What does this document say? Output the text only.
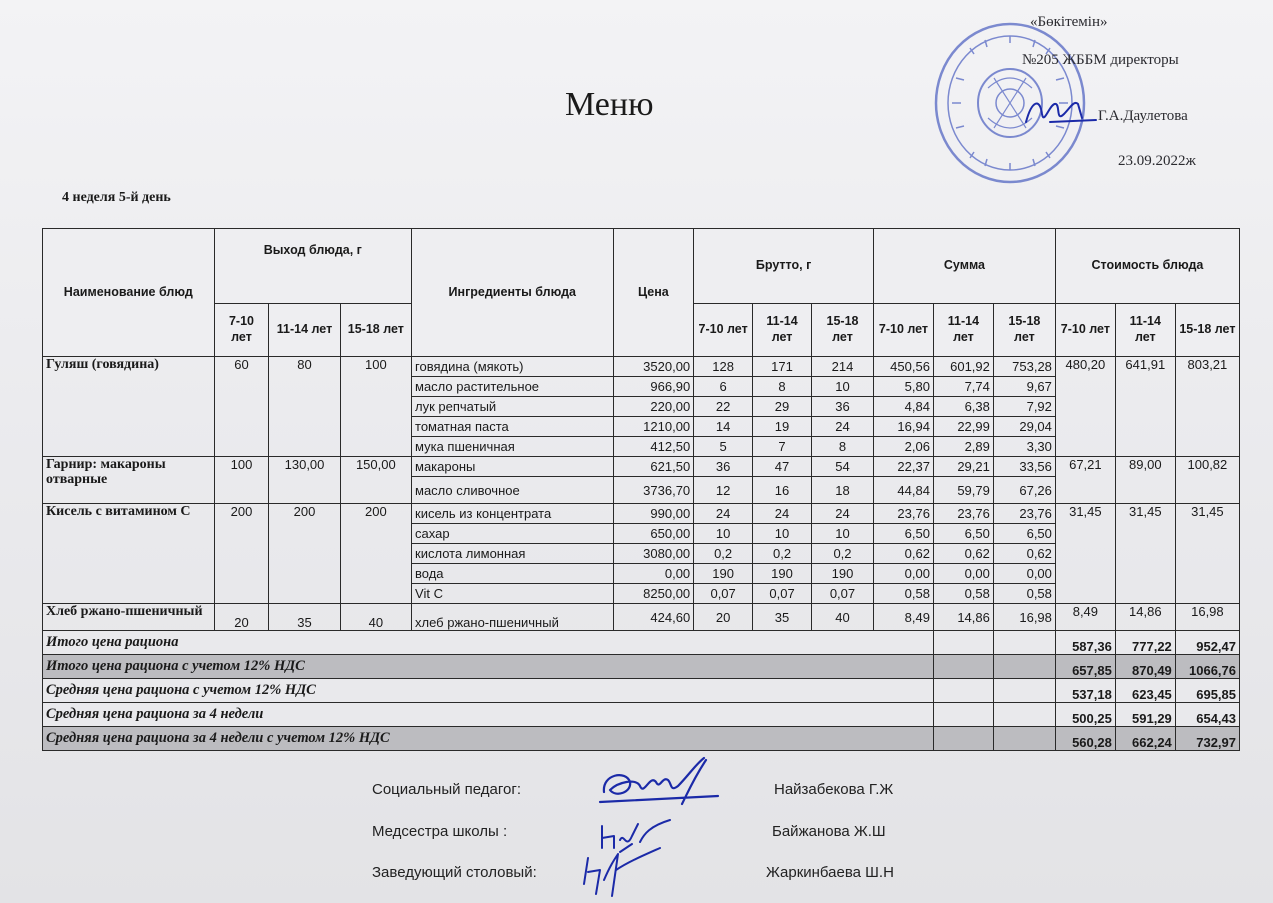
«Бөкітемін»
№205 ЖББМ директоры
Г.А.Даулетова
23.09.2022ж
Меню
4 неделя 5-й день
Наименование блюд	Выход блюда, г			Ингредиенты блюда	Цена	Брутто, г			Сумма			Стоимость блюда		
	7-10 лет	11-14 лет	15-18 лет			7-10 лет	11-14 лет	15-18 лет	7-10 лет	11-14 лет	15-18 лет	7-10 лет	11-14 лет	15-18 лет
Гуляш (говядина)	60	80	100	говядина (мякоть)	3520,00	128	171	214	450,56	601,92	753,28	480,20	641,91	803,21
				масло растительное	966,90	6	8	10	5,80	7,74	9,67			
				лук репчатый	220,00	22	29	36	4,84	6,38	7,92			
				томатная паста	1210,00	14	19	24	16,94	22,99	29,04			
				мука пшеничная	412,50	5	7	8	2,06	2,89	3,30			
Гарнир: макароны отварные	100	130,00	150,00	макароны	621,50	36	47	54	22,37	29,21	33,56	67,21	89,00	100,82
				масло сливочное	3736,70	12	16	18	44,84	59,79	67,26			
Кисель с витамином С	200	200	200	кисель из концентрата	990,00	24	24	24	23,76	23,76	23,76	31,45	31,45	31,45
				сахар	650,00	10	10	10	6,50	6,50	6,50			
				кислота лимонная	3080,00	0,2	0,2	0,2	0,62	0,62	0,62			
				вода	0,00	190	190	190	0,00	0,00	0,00			
				Vit C	8250,00	0,07	0,07	0,07	0,58	0,58	0,58			
Хлеб ржано-пшеничный	20	35	40	хлеб ржано-пшеничный	424,60	20	35	40	8,49	14,86	16,98	8,49	14,86	16,98
Итого цена рациона												587,36	777,22	952,47
Итого цена рациона с учетом 12% НДС												657,85	870,49	1066,76
Средняя цена рациона с учетом 12% НДС												537,18	623,45	695,85
Средняя цена рациона за 4 недели												500,25	591,29	654,43
Средняя цена рациона за 4 недели с учетом 12% НДС												560,28	662,24	732,97
Социальный педагог:	Найзабекова Г.Ж
Медсестра школы :	Байжанова Ж.Ш
Заведующий столовый:	Жаркинбаева Ш.Н
